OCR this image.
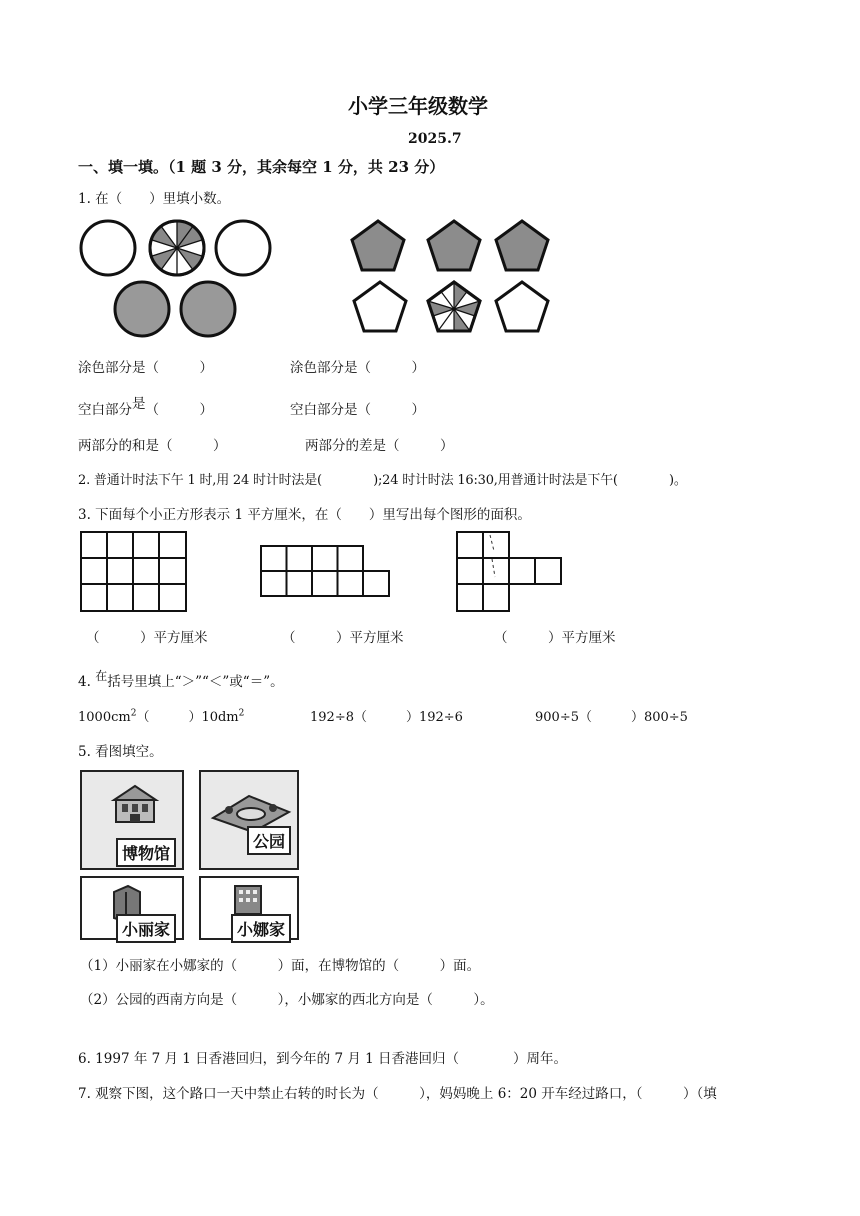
小学三年级数学
2025.7
一、填一填。（1 题 3 分，其余每空 1 分，共 23 分）
1. 在（　　）里填小数。
涂色部分是（　　　）	涂色部分是（　　　）
空白部分是（　　　）	空白部分是（　　　）
两部分的和是（　　　）	两部分的差是（　　　）
2. 普通计时法下午 1 时,用 24 时计时法是(　　　　);24 时计时法 16:30,用普通计时法是下午(　　　　)。
3. 下面每个小正方形表示 1 平方厘米，在（　　）里写出每个图形的面积。
（　　　）平方厘米	（　　　）平方厘米	（　　　）平方厘米
4. 在括号里填上“＞”“＜”或“＝”。
$1000cm^2$（　　　）$10dm^2$	192÷8（　　　）192÷6	900÷5（　　　）800÷5
5. 看图填空。
博物馆
公园
小丽家	小娜家
（1）小丽家在小娜家的（　　　）面，在博物馆的（　　　）面。
（2）公园的西南方向是（　　　），小娜家的西北方向是（　　　）。
6. 1997 年 7 月 1 日香港回归，到今年的 7 月 1 日香港回归（　　　　）周年。
7. 观察下图，这个路口一天中禁止右转的时长为（　　　），妈妈晚上 6：20 开车经过路口，（　　　）（填
